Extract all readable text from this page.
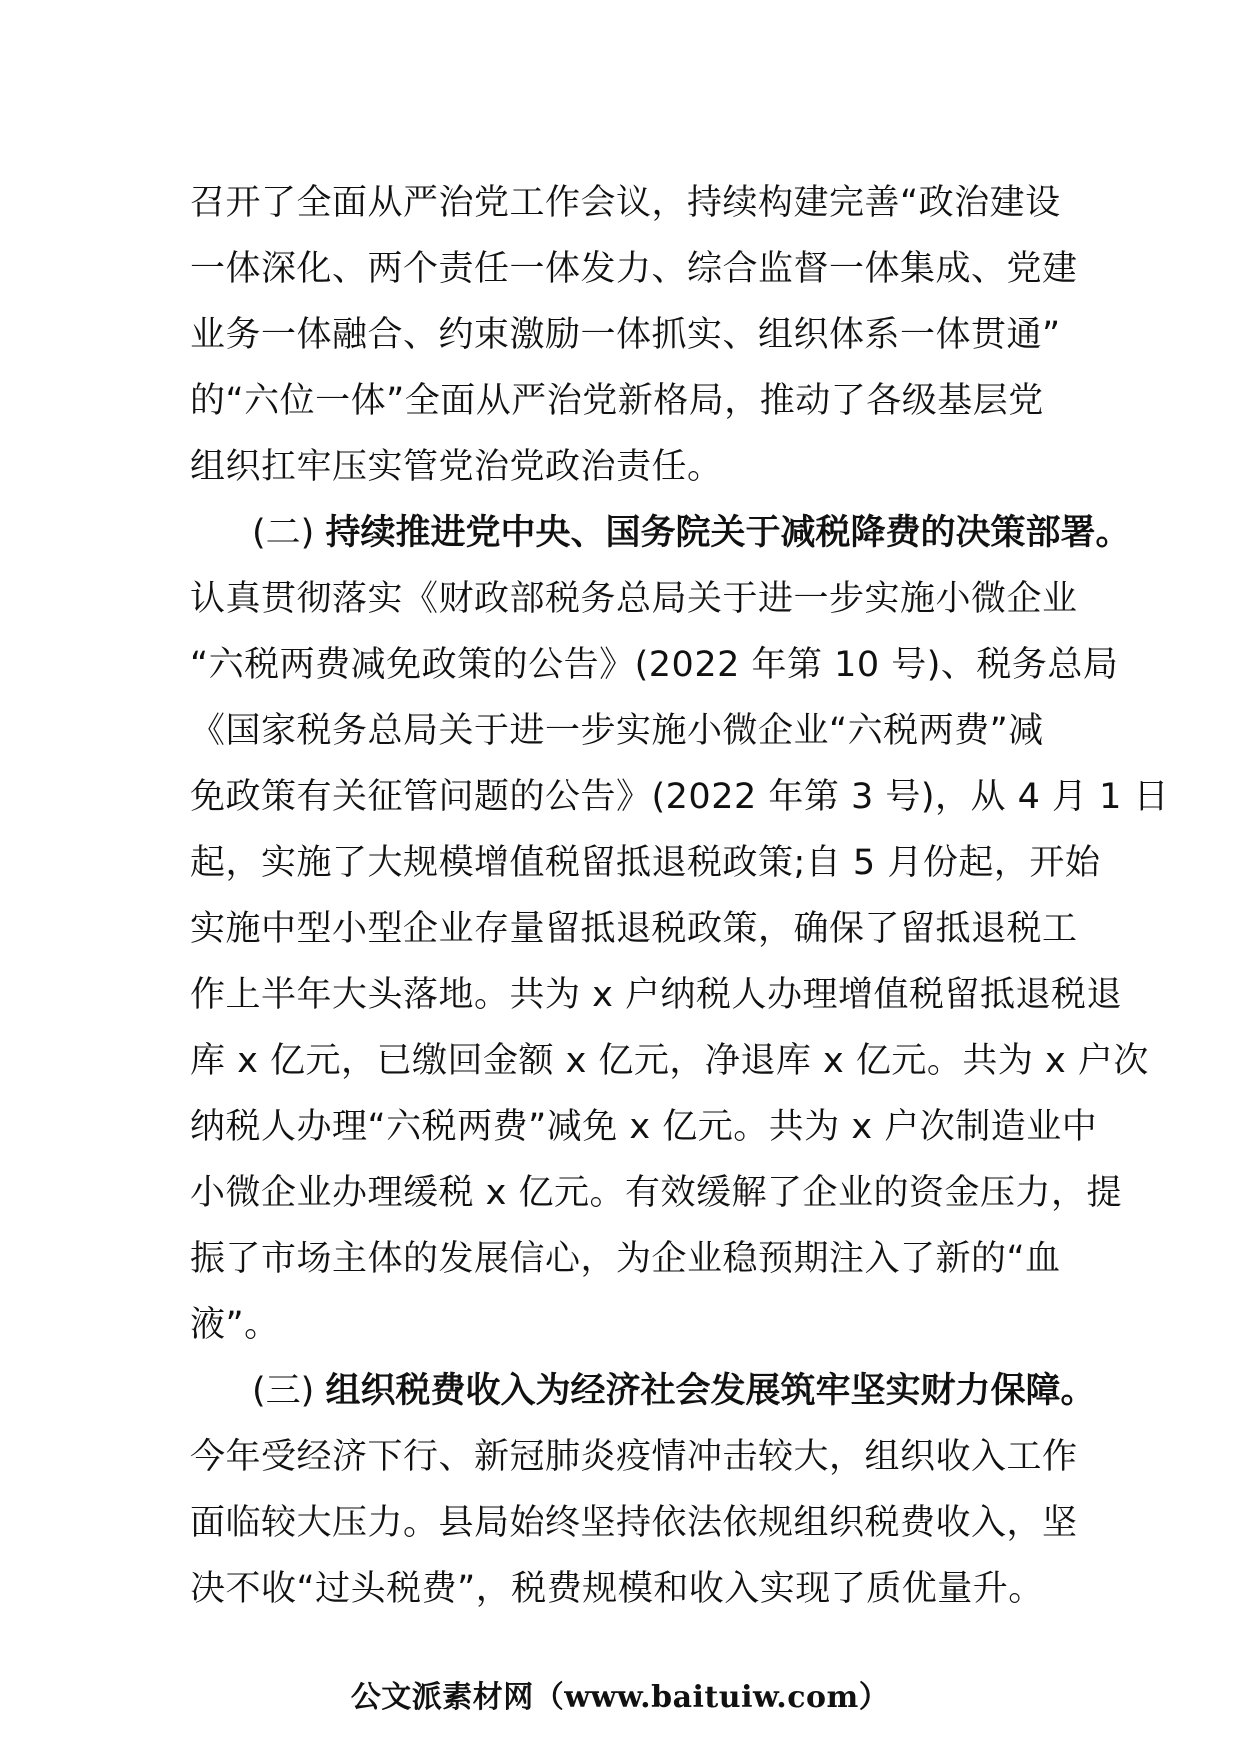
召开了全面从严治党工作会议，持续构建完善“政治建设
一体深化、两个责任一体发力、综合监督一体集成、党建
业务一体融合、约束激励一体抓实、组织体系一体贯通”
的“六位一体”全面从严治党新格局，推动了各级基层党
组织扛牢压实管党治党政治责任。
(二) 持续推进党中央、国务院关于减税降费的决策部署。
认真贯彻落实《财政部税务总局关于进一步实施小微企业
“六税两费减免政策的公告》(2022 年第 10 号)、税务总局
《国家税务总局关于进一步实施小微企业“六税两费”减
免政策有关征管问题的公告》(2022 年第 3 号)，从 4 月 1 日
起，实施了大规模增值税留抵退税政策;自 5 月份起，开始
实施中型小型企业存量留抵退税政策，确保了留抵退税工
作上半年大头落地。共为 x 户纳税人办理增值税留抵退税退
库 x 亿元，已缴回金额 x 亿元，净退库 x 亿元。共为 x 户次
纳税人办理“六税两费”减免 x 亿元。共为 x 户次制造业中
小微企业办理缓税 x 亿元。有效缓解了企业的资金压力，提
振了市场主体的发展信心，为企业稳预期注入了新的“血
液”。
(三) 组织税费收入为经济社会发展筑牢坚实财力保障。
今年受经济下行、新冠肺炎疫情冲击较大，组织收入工作
面临较大压力。县局始终坚持依法依规组织税费收入，坚
决不收“过头税费”，税费规模和收入实现了质优量升。
公文派素材网（www.baituiw.com）
